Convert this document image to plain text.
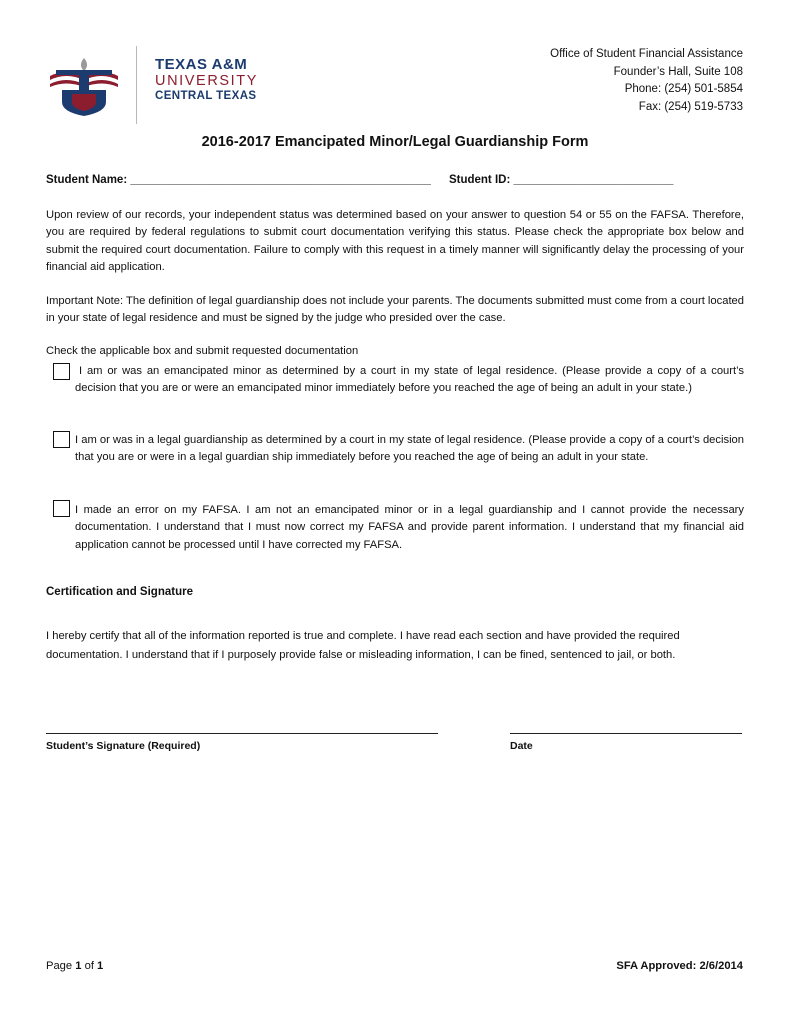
TEXAS A&M
UNIVERSITY
CENTRAL TEXAS
Office of Student Financial Assistance
Founder’s Hall, Suite 108
Phone: (254) 501-5854
Fax: (254) 519-5733
2016-2017 Emancipated Minor/Legal Guardianship Form
Student Name: _______________________________________________ Student ID: _________________________

Upon review of our records, your independent status was determined based on your answer to question 54 or 55 on the FAFSA. Therefore, you are required by federal regulations to submit court documentation verifying this status. Please check the appropriate box below and submit the required court documentation. Failure to comply with this request in a timely manner will significantly delay the processing of your financial aid application.

Important Note: The definition of legal guardianship does not include your parents. The documents submitted must come from a court located in your state of legal residence and must be signed by the judge who presided over the case.

Check the applicable box and submit requested documentation

I am or was an emancipated minor as determined by a court in my state of legal residence. (Please provide a copy of a court’s decision that you are or were an emancipated minor immediately before you reached the age of being an adult in your state.)

I am or was in a legal guardianship as determined by a court in my state of legal residence. (Please provide a copy of a court’s decision that you are or were in a legal guardian ship immediately before you reached the age of being an adult in your state.

I made an error on my FAFSA. I am not an emancipated minor or in a legal guardianship and I cannot provide the necessary documentation. I understand that I must now correct my FAFSA and provide parent information. I understand that my financial aid application cannot be processed until I have corrected my FAFSA.

Certification and Signature

I hereby certify that all of the information reported is true and complete. I have read each section and have provided the required documentation. I understand that if I purposely provide false or misleading information, I can be fined, sentenced to jail, or both.

Student’s Signature (Required)	Date
Page 1 of 1	SFA Approved: 2/6/2014
